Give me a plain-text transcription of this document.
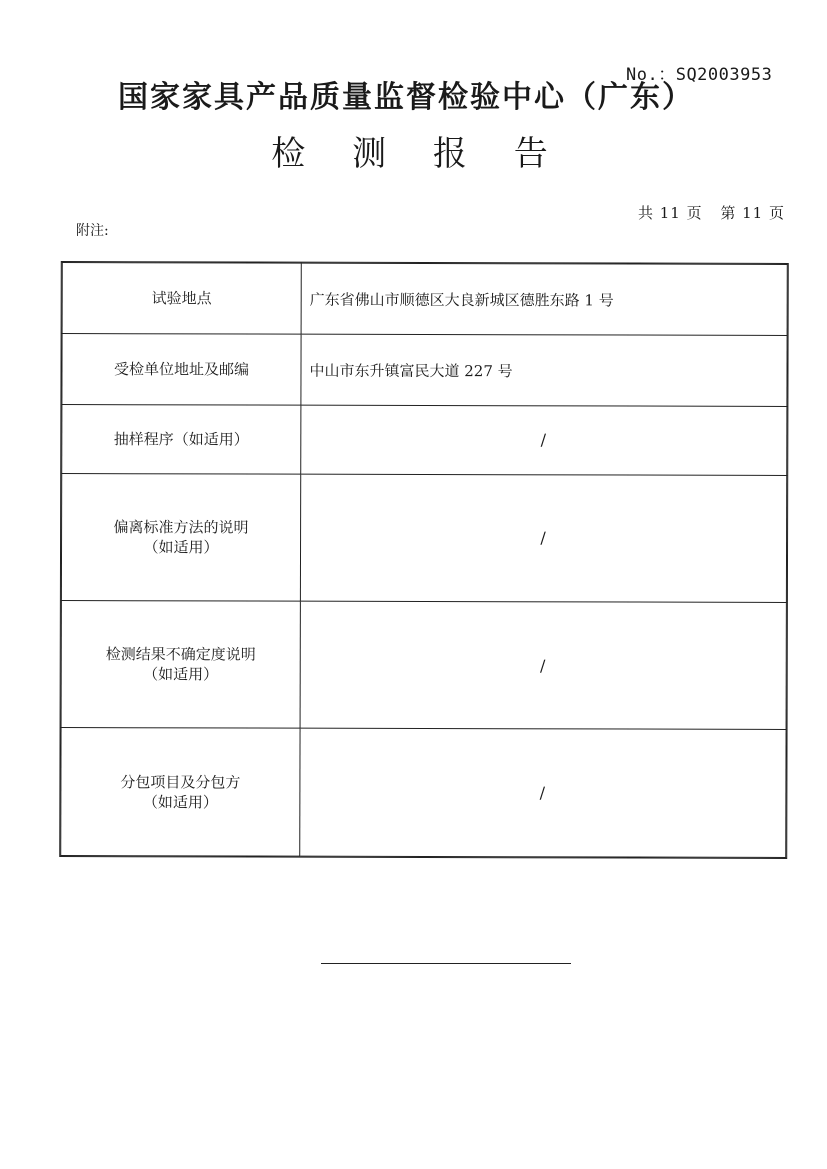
No.：SQ2003953
国家家具产品质量监督检验中心（广东）
检 测 报 告
共 11 页 第 11 页
附注:
试验地点	广东省佛山市顺德区大良新城区德胜东路 1 号
受检单位地址及邮编	中山市东升镇富民大道 227 号
抽样程序（如适用）	/

偏离标准方法的说明
（如适用）	/

检测结果不确定度说明
（如适用）	/

分包项目及分包方
（如适用）	/
